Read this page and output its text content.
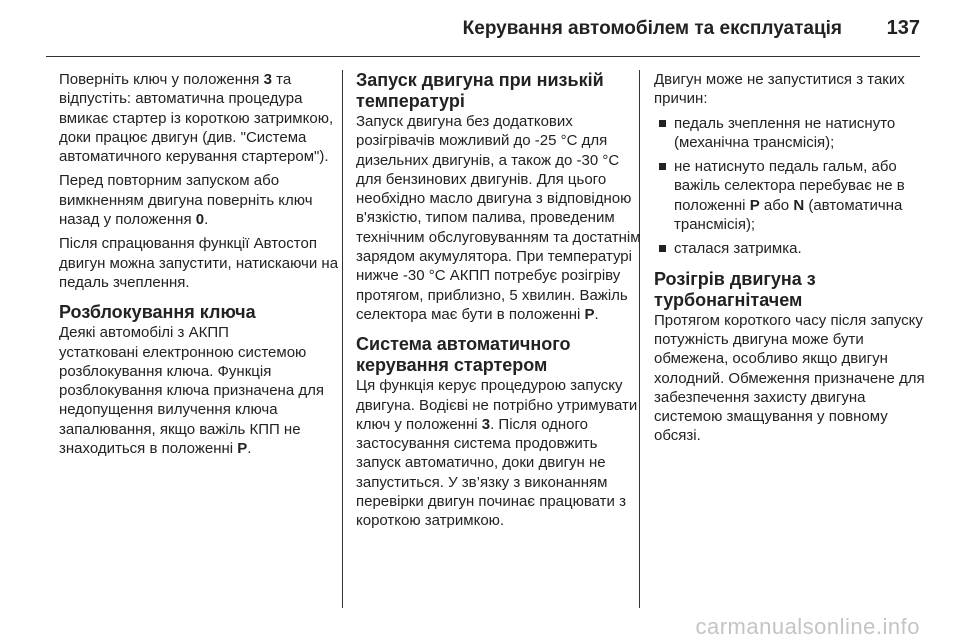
Керування автомобілем та експлуатація 137

Поверніть ключ у положення 3 та відпустіть: автоматична процедура вмикає стартер із короткою затримкою, доки працює двигун (див. "Система автоматичного керування стартером").

Перед повторним запуском або вимкненням двигуна поверніть ключ назад у положення 0.

Після спрацювання функції Автостоп двигун можна запустити, натискаючи на педаль зчеплення.

Розблокування ключа

Деякі автомобілі з АКПП

устатковані електронною системою розблокування ключа. Функція розблокування ключа призначена для недопущення вилучення ключа запалювання, якщо важіль КПП не знаходиться в положенні P.

Запуск двигуна при низькій температурі

Запуск двигуна без додаткових розігрівачів можливий до -25 °C для дизельних двигунів, а також до -30 °C для бензинових двигунів. Для цього необхідно масло двигуна з відповідною в'язкістю, типом палива, проведеним технічним обслуговуванням та достатнім зарядом акумулятора. При температурі нижче -30 °C АКПП потребує розігріву протягом, приблизно, 5 хвилин. Важіль селектора має бути в положенні P.

Система автоматичного керування стартером

Ця функція керує процедурою запуску двигуна. Водієві не потрібно утримувати ключ у положенні 3. Після одного застосування система продовжить запуск автоматично, доки двигун не запуститься. У зв’язку з виконанням перевірки двигун починає працювати з короткою затримкою.

Двигун може не запуститися з таких причин:

педаль зчеплення не натиснуто (механічна трансмісія);
не натиснуто педаль гальм, або важіль селектора перебуває не в положенні P або N (автоматична трансмісія);
сталася затримка.
Розігрів двигуна з турбонагнітачем

Протягом короткого часу після запуску потужність двигуна може бути обмежена, особливо якщо двигун холодний. Обмеження призначене для забезпечення захисту двигуна системою змащування у повному обсязі.

carmanualsonline.info
